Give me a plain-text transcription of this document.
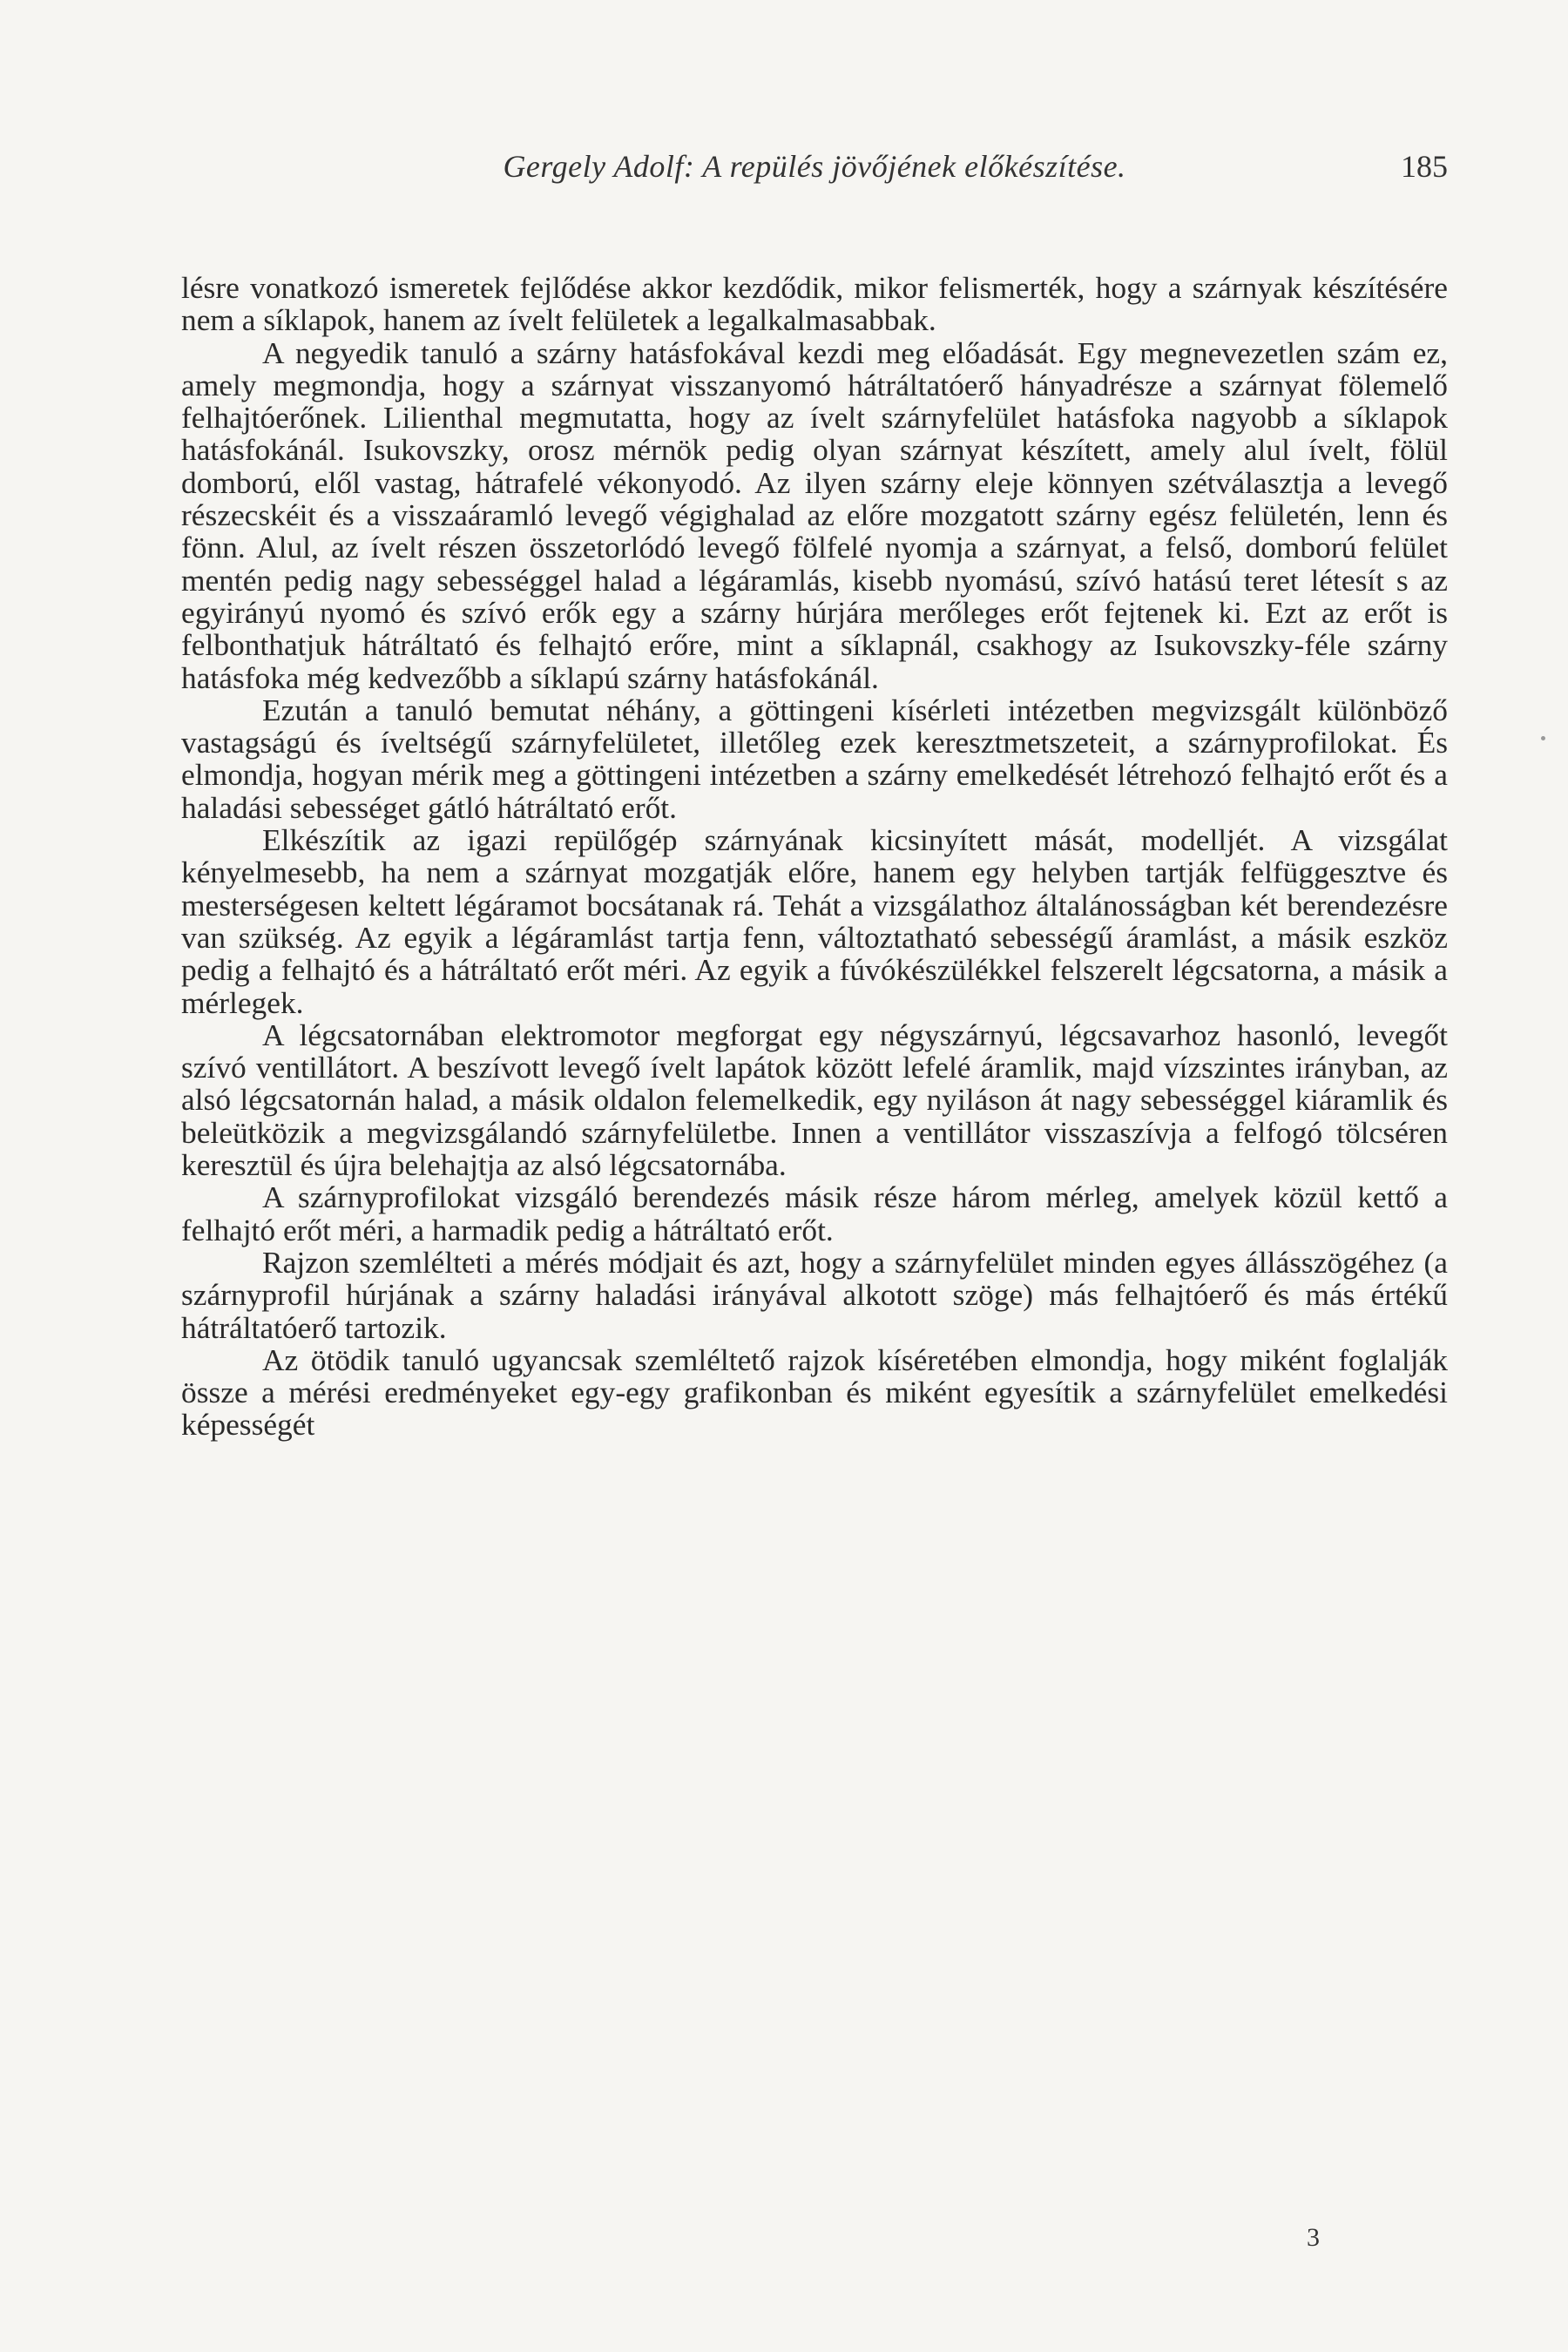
Gergely Adolf: A repülés jövőjének előkészítése.	185

lésre vonatkozó ismeretek fejlődése akkor kezdődik, mikor felismerték, hogy a szárnyak készítésére nem a síklapok, hanem az ívelt felületek a legalkalmasabbak.

A negyedik tanuló a szárny hatásfokával kezdi meg előadását. Egy megnevezetlen szám ez, amely megmondja, hogy a szárnyat visszanyomó hátráltatóerő hányadrésze a szárnyat fölemelő felhajtóerőnek. Lilienthal megmutatta, hogy az ívelt szárnyfelület hatásfoka nagyobb a síklapok hatásfokánál. Isukovszky, orosz mérnök pedig olyan szárnyat készített, amely alul ívelt, fölül domború, elől vastag, hátrafelé vékonyodó. Az ilyen szárny eleje könnyen szétválasztja a levegő részecskéit és a visszaáramló levegő végighalad az előre mozgatott szárny egész felületén, lenn és fönn. Alul, az ívelt részen összetorlódó levegő fölfelé nyomja a szárnyat, a felső, domború felület mentén pedig nagy sebességgel halad a légáramlás, kisebb nyomású, szívó hatású teret létesít s az egyirányú nyomó és szívó erők egy a szárny húrjára merőleges erőt fejtenek ki. Ezt az erőt is felbonthatjuk hátráltató és felhajtó erőre, mint a síklapnál, csakhogy az Isukovszky-féle szárny hatásfoka még kedvezőbb a síklapú szárny hatásfokánál.

Ezután a tanuló bemutat néhány, a göttingeni kísérleti intézetben megvizsgált különböző vastagságú és íveltségű szárnyfelületet, illetőleg ezek keresztmetszeteit, a szárnyprofilokat. És elmondja, hogyan mérik meg a göttingeni intézetben a szárny emelkedését létrehozó felhajtó erőt és a haladási sebességet gátló hátráltató erőt.

Elkészítik az igazi repülőgép szárnyának kicsinyített mását, modelljét. A vizsgálat kényelmesebb, ha nem a szárnyat mozgatják előre, hanem egy helyben tartják felfüggesztve és mesterségesen keltett légáramot bocsátanak rá. Tehát a vizsgálathoz általánosságban két berendezésre van szükség. Az egyik a légáramlást tartja fenn, változtatható sebességű áramlást, a másik eszköz pedig a felhajtó és a hátráltató erőt méri. Az egyik a fúvókészülékkel felszerelt légcsatorna, a másik a mérlegek.

A légcsatornában elektromotor megforgat egy négyszárnyú, légcsavarhoz hasonló, levegőt szívó ventillátort. A beszívott levegő ívelt lapátok között lefelé áramlik, majd vízszintes irányban, az alsó légcsatornán halad, a másik oldalon felemelkedik, egy nyiláson át nagy sebességgel kiáramlik és beleütközik a megvizsgálandó szárnyfelületbe. Innen a ventillátor visszaszívja a felfogó tölcséren keresztül és újra belehajtja az alsó légcsatornába.

A szárnyprofilokat vizsgáló berendezés másik része három mérleg, amelyek közül kettő a felhajtó erőt méri, a harmadik pedig a hátráltató erőt.

Rajzon szemlélteti a mérés módjait és azt, hogy a szárnyfelület minden egyes állásszögéhez (a szárnyprofil húrjának a szárny haladási irányával alkotott szöge) más felhajtóerő és más értékű hátráltatóerő tartozik.

Az ötödik tanuló ugyancsak szemléltető rajzok kíséretében elmondja, hogy miként foglalják össze a mérési eredményeket egy-egy grafikonban és miként egyesítik a szárnyfelület emelkedési képességét

3
